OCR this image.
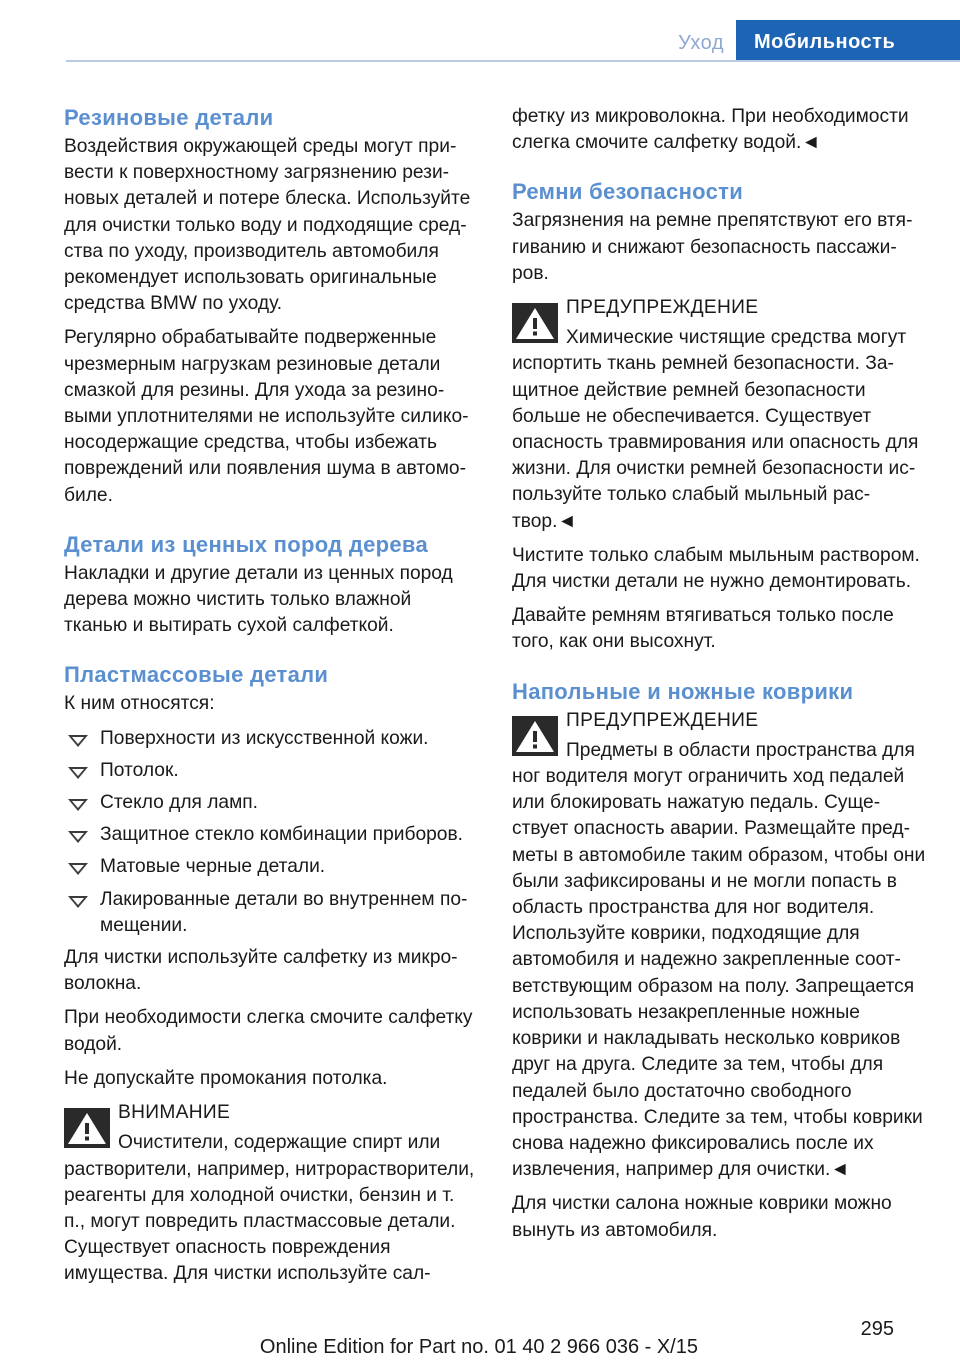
Уход	Мобильность
Резиновые детали

Воздействия окружающей среды могут привести к поверхностному загрязнению резиновых деталей и потере блеска. Используйте для очистки только воду и подходящие средства по уходу, производитель автомобиля рекомендует использовать оригинальные средства BMW по уходу.

Регулярно обрабатывайте подверженные чрезмерным нагрузкам резиновые детали смазкой для резины. Для ухода за резиновыми уплотнителями не используйте силиконосодержащие средства, чтобы избежать повреждений или появления шума в автомобиле.

Детали из ценных пород дерева

Накладки и другие детали из ценных пород дерева можно чистить только влажной тканью и вытирать сухой салфеткой.

Пластмассовые детали

К ним относятся:

Поверхности из искусственной кожи.
Потолок.
Стекло для ламп.
Защитное стекло комбинации приборов.
Матовые черные детали.
Лакированные детали во внутреннем помещении.

Для чистки используйте салфетку из микроволокна.

При необходимости слегка смочите салфетку водой.

Не допускайте промокания потолка.

ВНИМАНИЕ
Очистители, содержащие спирт или
растворители, например, нитрорастворители, реагенты для холодной очистки, бензин и т. п., могут повредить пластмассовые детали. Существует опасность повреждения имущества. Для чистки используйте сал-

фетку из микроволокна. При необходимости слегка смочите салфетку водой.◄

Ремни безопасности

Загрязнения на ремне препятствуют его втягиванию и снижают безопасность пассажиров.

ПРЕДУПРЕЖДЕНИЕ
Химические чистящие средства могут
испортить ткань ремней безопасности. Защитное действие ремней безопасности больше не обеспечивается. Существует опасность травмирования или опасность для жизни. Для очистки ремней безопасности используйте только слабый мыльный раствор.◄

Чистите только слабым мыльным раствором. Для чистки детали не нужно демонтировать.

Давайте ремням втягиваться только после того, как они высохнут.

Напольные и ножные коврики
ПРЕДУПРЕЖДЕНИЕ
Предметы в области пространства для
ног водителя могут ограничить ход педалей или блокировать нажатую педаль. Существует опасность аварии. Размещайте предметы в автомобиле таким образом, чтобы они были зафиксированы и не могли попасть в область пространства для ног водителя. Используйте коврики, подходящие для автомобиля и надежно закрепленные соответствующим образом на полу. Запрещается использовать незакрепленные ножные коврики и накладывать несколько ковриков друг на друга. Следите за тем, чтобы для педалей было достаточно свободного пространства. Следите за тем, чтобы коврики снова надежно фиксировались после их извлечения, например для очистки.◄

Для чистки салона ножные коврики можно вынуть из автомобиля.

295
Online Edition for Part no. 01 40 2 966 036 - X/15
